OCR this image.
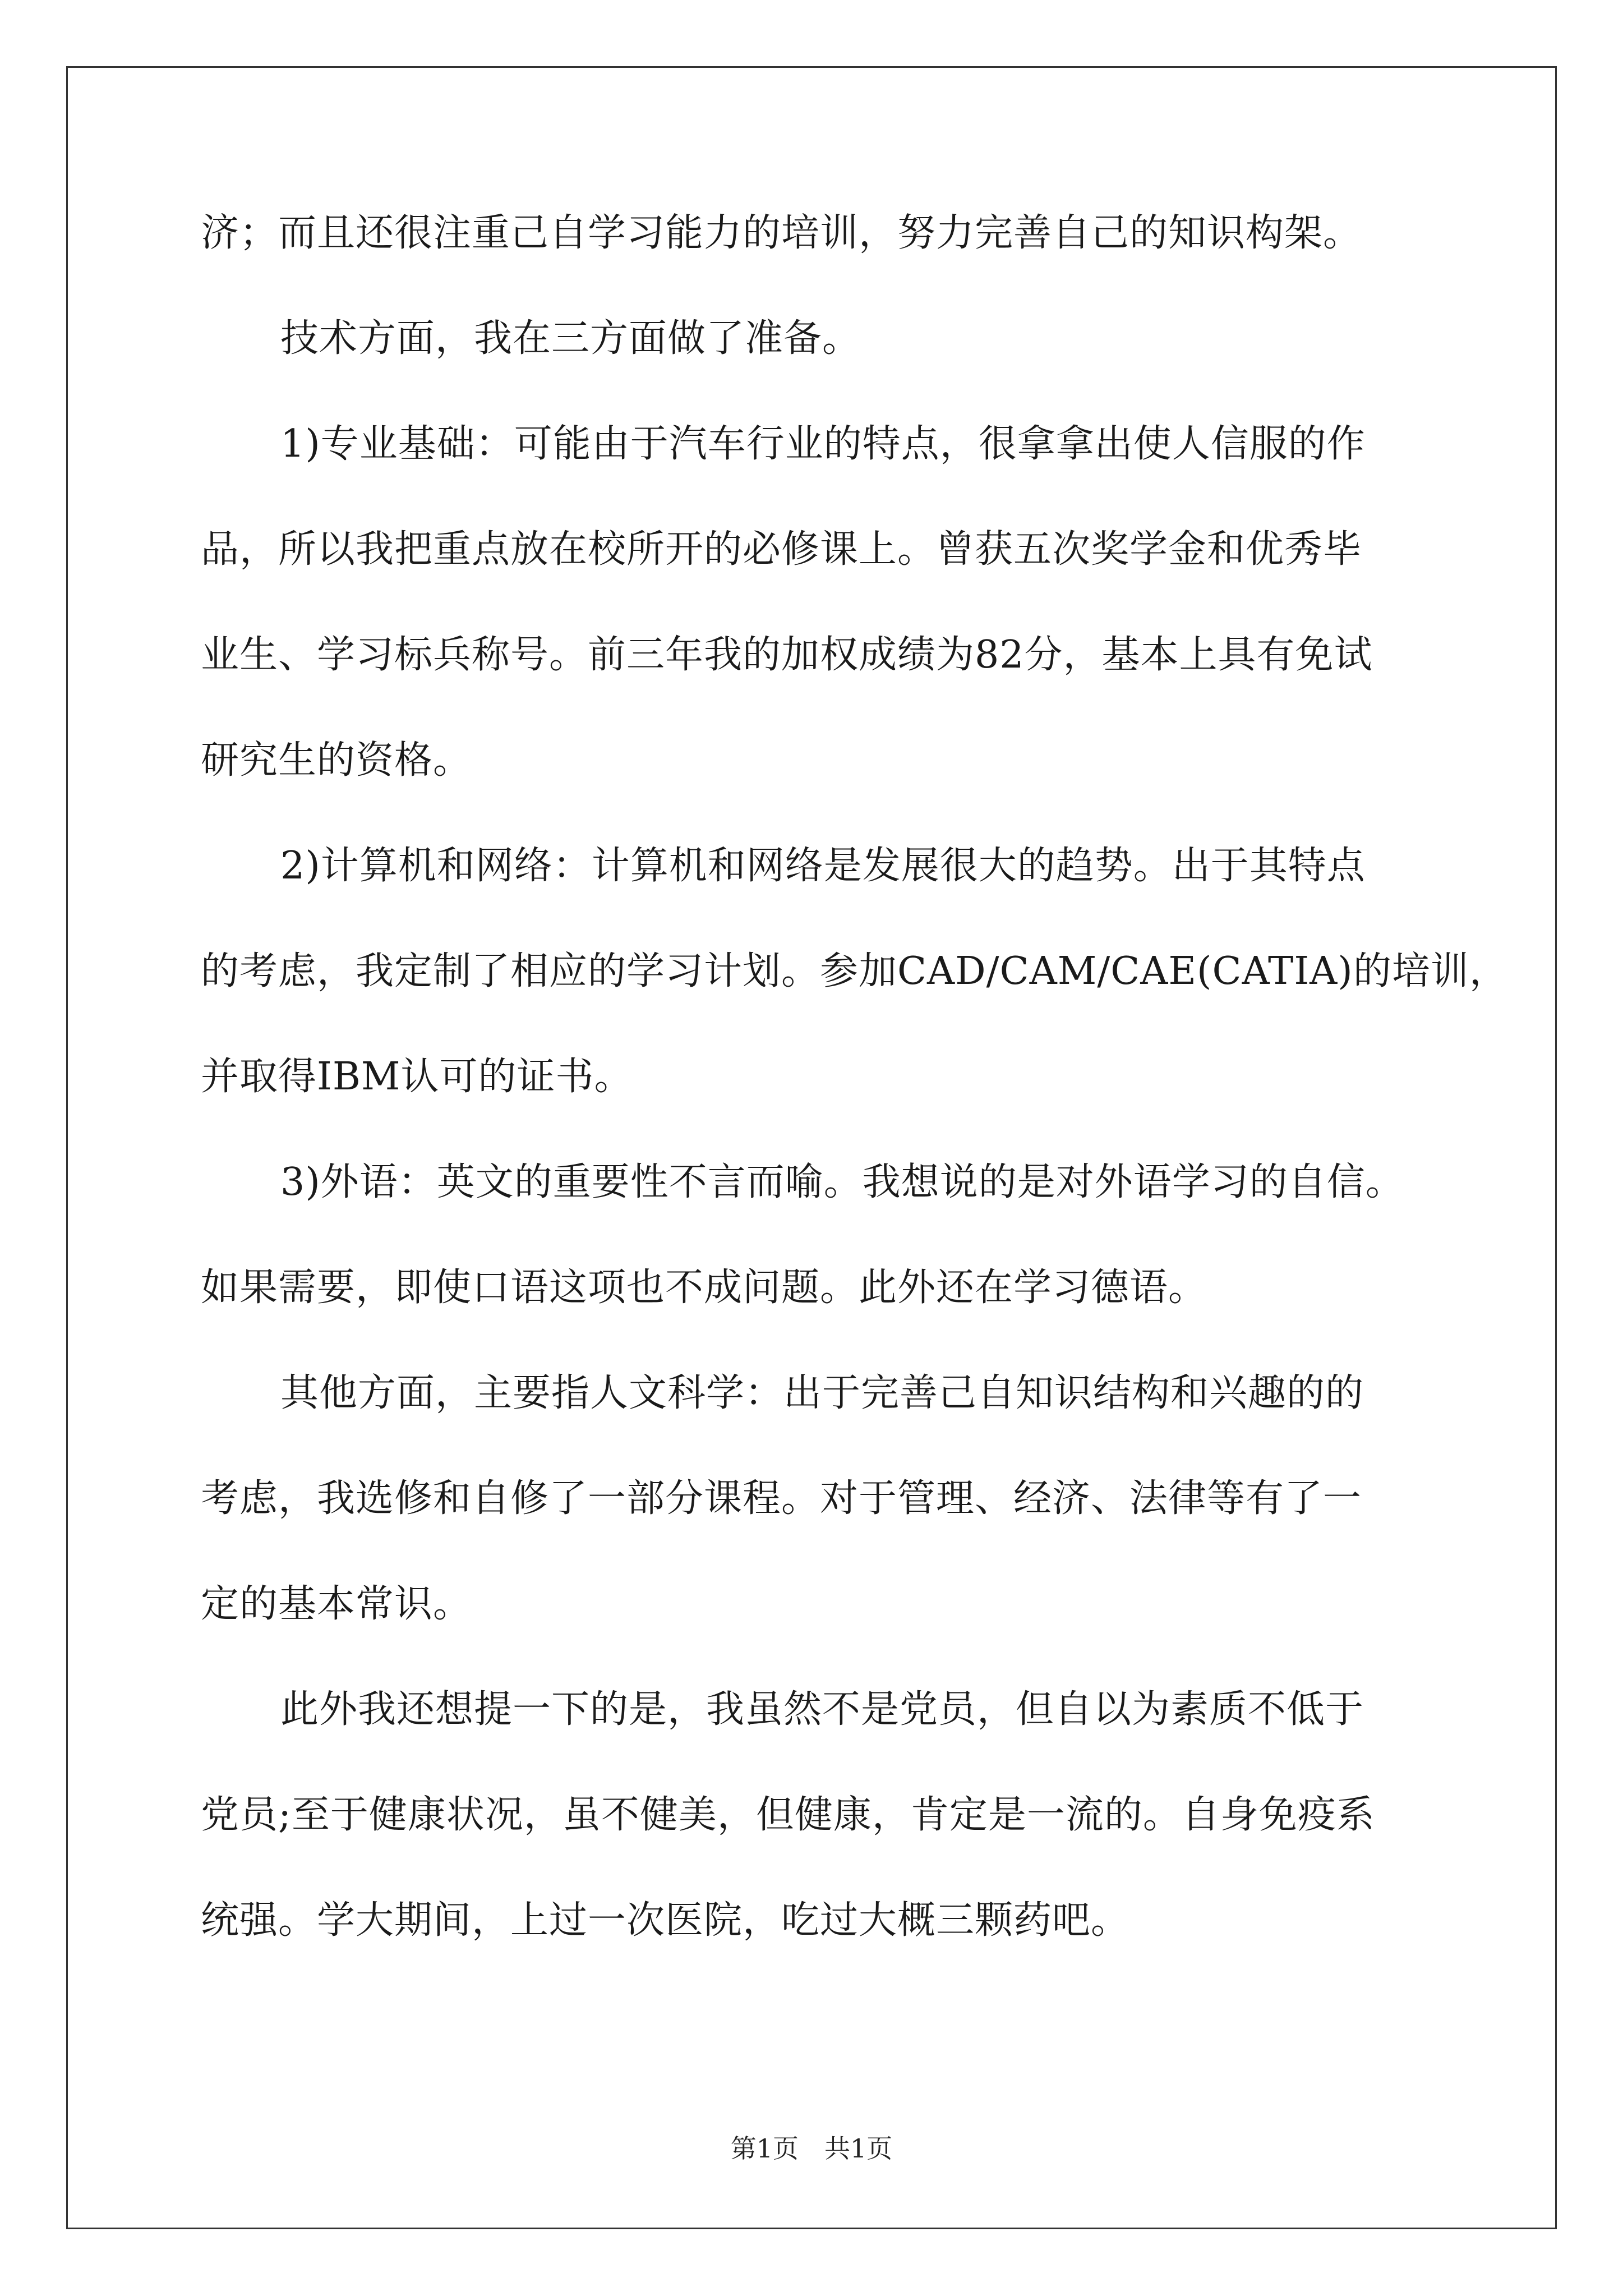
济；而且还很注重己自学习能力的培训，努力完善自己的知识构架。
技术方面，我在三方面做了准备。
1)专业基础：可能由于汽车行业的特点，很拿拿出使人信服的作
品，所以我把重点放在校所开的必修课上。曾获五次奖学金和优秀毕
业生、学习标兵称号。前三年我的加权成绩为82分，基本上具有免试
研究生的资格。
2)计算机和网络：计算机和网络是发展很大的趋势。出于其特点
的考虑，我定制了相应的学习计划。参加CAD/CAM/CAE(CATIA)的培训，
并取得IBM认可的证书。
3)外语：英文的重要性不言而喻。我想说的是对外语学习的自信。
如果需要，即使口语这项也不成问题。此外还在学习德语。
其他方面，主要指人文科学：出于完善己自知识结构和兴趣的的
考虑，我选修和自修了一部分课程。对于管理、经济、法律等有了一
定的基本常识。
此外我还想提一下的是，我虽然不是党员，但自以为素质不低于
党员;至于健康状况，虽不健美，但健康，肯定是一流的。自身免疫系
统强。学大期间，上过一次医院，吃过大概三颗药吧。
第1页　共1页
